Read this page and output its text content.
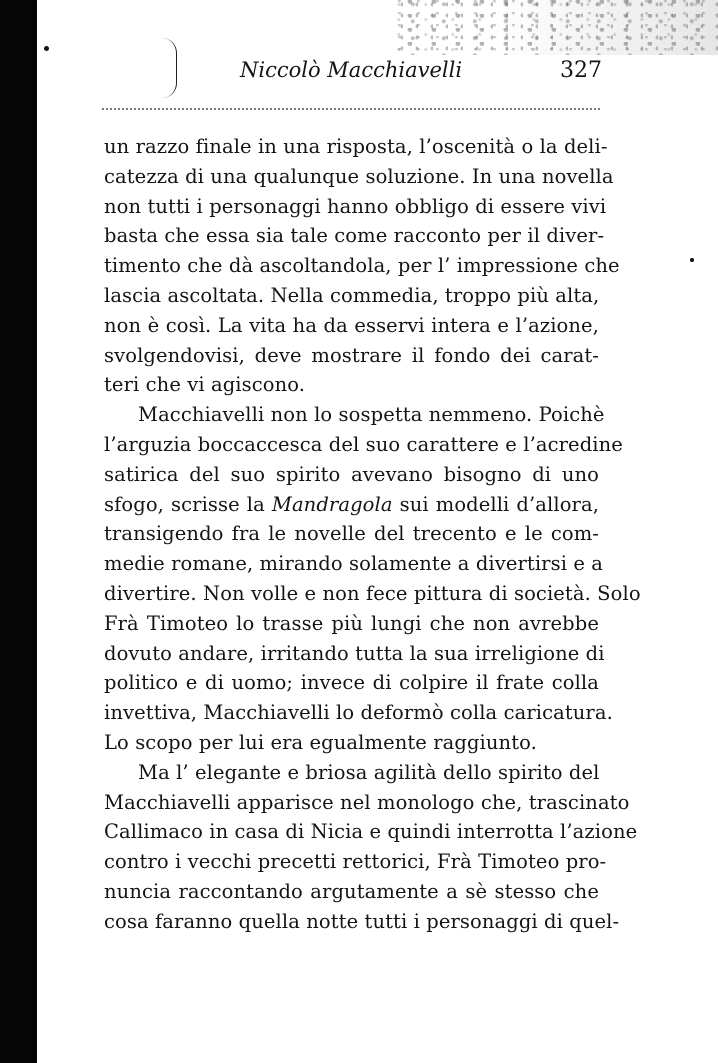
Niccolò Macchiavelli	327
un razzo finale in una risposta, l’oscenità o la deli-
catezza di una qualunque soluzione. In una novella
non tutti i personaggi hanno obbligo di essere vivi
basta che essa sia tale come racconto per il diver-
timento che dà ascoltandola, per l’ impressione che
lascia ascoltata. Nella commedia, troppo più alta,
non è così. La vita ha da esservi intera e l’azione,
svolgendovisi, deve mostrare il fondo dei carat-
teri che vi agiscono.
Macchiavelli non lo sospetta nemmeno. Poichè
l’arguzia boccaccesca del suo carattere e l’acredine
satirica del suo spirito avevano bisogno di uno
sfogo, scrisse la Mandragola sui modelli d’allora,
transigendo fra le novelle del trecento e le com-
medie romane, mirando solamente a divertirsi e a
divertire. Non volle e non fece pittura di società. Solo
Frà Timoteo lo trasse più lungi che non avrebbe
dovuto andare, irritando tutta la sua irreligione di
politico e di uomo; invece di colpire il frate colla
invettiva, Macchiavelli lo deformò colla caricatura.
Lo scopo per lui era egualmente raggiunto.
Ma l’ elegante e briosa agilità dello spirito del
Macchiavelli apparisce nel monologo che, trascinato
Callimaco in casa di Nicia e quindi interrotta l’azione
contro i vecchi precetti rettorici, Frà Timoteo pro-
nuncia raccontando argutamente a sè stesso che
cosa faranno quella notte tutti i personaggi di quel-
